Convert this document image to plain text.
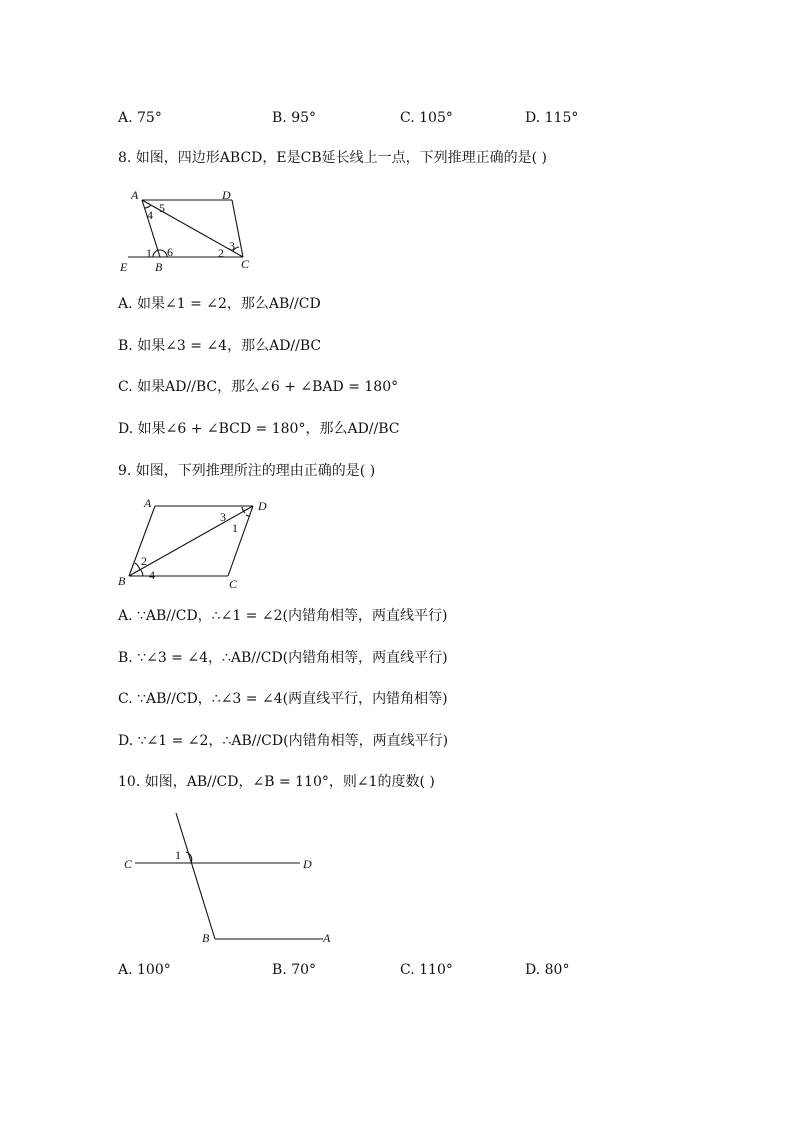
A. 75°	B. 95°	C. 105°	D. 115°
8. 如图，四边形ABCD，E是CB延长线上一点，下列推理正确的是( )
A	D
E B	C
5
4
3
2
1 6
A. 如果∠1 = ∠2，那么AB//CD
B. 如果∠3 = ∠4，那么AD//BC
C. 如果AD//BC，那么∠6 + ∠BAD = 180°
D. 如果∠6 + ∠BCD = 180°，那么AD//BC
9. 如图，下列推理所注的理由正确的是( )
A	D
B	C
3
1
2
4
A. ∵AB//CD，∴∠1 = ∠2(内错角相等，两直线平行)
B. ∵∠3 = ∠4，∴AB//CD(内错角相等，两直线平行)
C. ∵AB//CD，∴∠3 = ∠4(两直线平行，内错角相等)
D. ∵∠1 = ∠2，∴AB//CD(内错角相等，两直线平行)
10. 如图，AB//CD，∠B = 110°，则∠1的度数( )
C	D
B	A
1
A. 100°	B. 70°	C. 110°	D. 80°
